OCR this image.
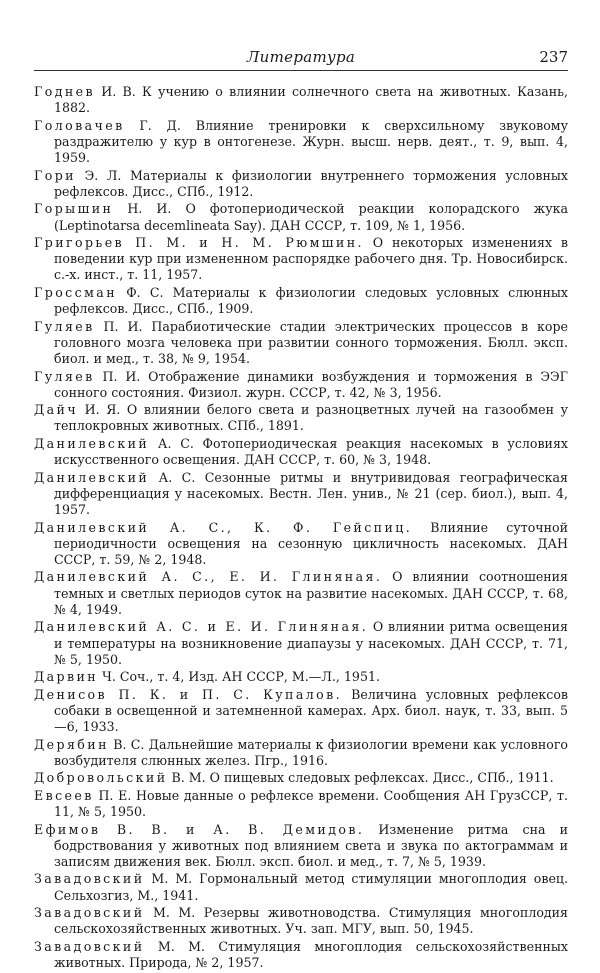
Литература	237

Годнев И. В. К учению о влиянии солнечного света на животных. Казань, 1882.

Головачев Г. Д. Влияние тренировки к сверхсильному звуковому раздражителю у кур в онтогенезе. Журн. высш. нерв. деят., т. 9, вып. 4, 1959.

Гори Э. Л. Материалы к физиологии внутреннего торможения условных рефлексов. Дисс., СПб., 1912.

Горышин Н. И. О фотопериодической реакции колорадского жука (Leptinotarsa decemlineata Say). ДАН СССР, т. 109, № 1, 1956.

Григорьев П. М. и Н. М. Рюмшин. О некоторых изменениях в поведении кур при измененном распорядке рабочего дня. Тр. Новосибирск. с.-х. инст., т. 11, 1957.

Гроссман Ф. С. Материалы к физиологии следовых условных слюнных рефлексов. Дисс., СПб., 1909.

Гуляев П. И. Парабиотические стадии электрических процессов в коре головного мозга человека при развитии сонного торможения. Бюлл. эксп. биол. и мед., т. 38, № 9, 1954.

Гуляев П. И. Отображение динамики возбуждения и торможения в ЭЭГ сонного состояния. Физиол. журн. СССР, т. 42, № 3, 1956.

Дайч И. Я. О влиянии белого света и разноцветных лучей на газообмен у теплокровных животных. СПб., 1891.

Данилевский А. С. Фотопериодическая реакция насекомых в условиях искусственного освещения. ДАН СССР, т. 60, № 3, 1948.

Данилевский А. С. Сезонные ритмы и внутривидовая географическая дифференциация у насекомых. Вестн. Лен. унив., № 21 (сер. биол.), вып. 4, 1957.

Данилевский А. С., К. Ф. Гейспиц. Влияние суточной периодичности освещения на сезонную цикличность насекомых. ДАН СССР, т. 59, № 2, 1948.

Данилевский А. С., Е. И. Глиняная. О влиянии соотношения темных и светлых периодов суток на развитие насекомых. ДАН СССР, т. 68, № 4, 1949.

Данилевский А. С. и Е. И. Глиняная. О влиянии ритма освещения и температуры на возникновение диапаузы у насекомых. ДАН СССР, т. 71, № 5, 1950.

Дарвин Ч. Соч., т. 4, Изд. АН СССР, М.—Л., 1951.

Денисов П. К. и П. С. Купалов. Величина условных рефлексов собаки в освещенной и затемненной камерах. Арх. биол. наук, т. 33, вып. 5—6, 1933.

Дерябин В. С. Дальнейшие материалы к физиологии времени как условного возбудителя слюнных желез. Пгр., 1916.

Добровольский В. М. О пищевых следовых рефлексах. Дисс., СПб., 1911.

Евсеев П. Е. Новые данные о рефлексе времени. Сообщения АН ГрузССР, т. 11, № 5, 1950.

Ефимов В. В. и А. В. Демидов. Изменение ритма сна и бодрствования у животных под влиянием света и звука по актограммам и записям движения век. Бюлл. эксп. биол. и мед., т. 7, № 5, 1939.

Завадовский М. М. Гормональный метод стимуляции многоплодия овец. Сельхозгиз, М., 1941.

Завадовский М. М. Резервы животноводства. Стимуляция многоплодия сельскохозяйственных животных. Уч. зап. МГУ, вып. 50, 1945.

Завадовский М. М. Стимуляция многоплодия сельскохозяйственных животных. Природа, № 2, 1957.
